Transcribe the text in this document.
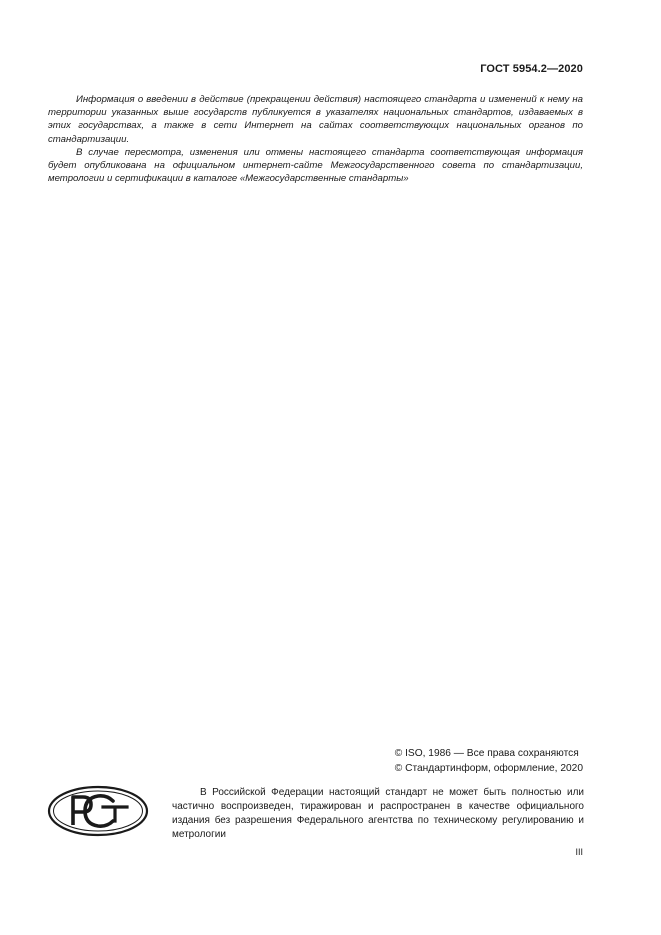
ГОСТ 5954.2—2020

Информация о введении в действие (прекращении действия) настоящего стандарта и изменений к нему на территории указанных выше государств публикуется в указателях национальных стандартов, издаваемых в этих государствах, а также в сети Интернет на сайтах соответствующих национальных органов по стандартизации.

В случае пересмотра, изменения или отмены настоящего стандарта соответствующая информация будет опубликована на официальном интернет-сайте Межгосударственного совета по стандартизации, метрологии и сертификации в каталоге «Межгосударственные стандарты»

© ISO, 1986 — Все права сохраняются
© Стандартинформ, оформление, 2020

В Российской Федерации настоящий стандарт не может быть полностью или частично воспроизведен, тиражирован и распространен в качестве официального издания без разрешения Федерального агентства по техническому регулированию и метрологии

III
